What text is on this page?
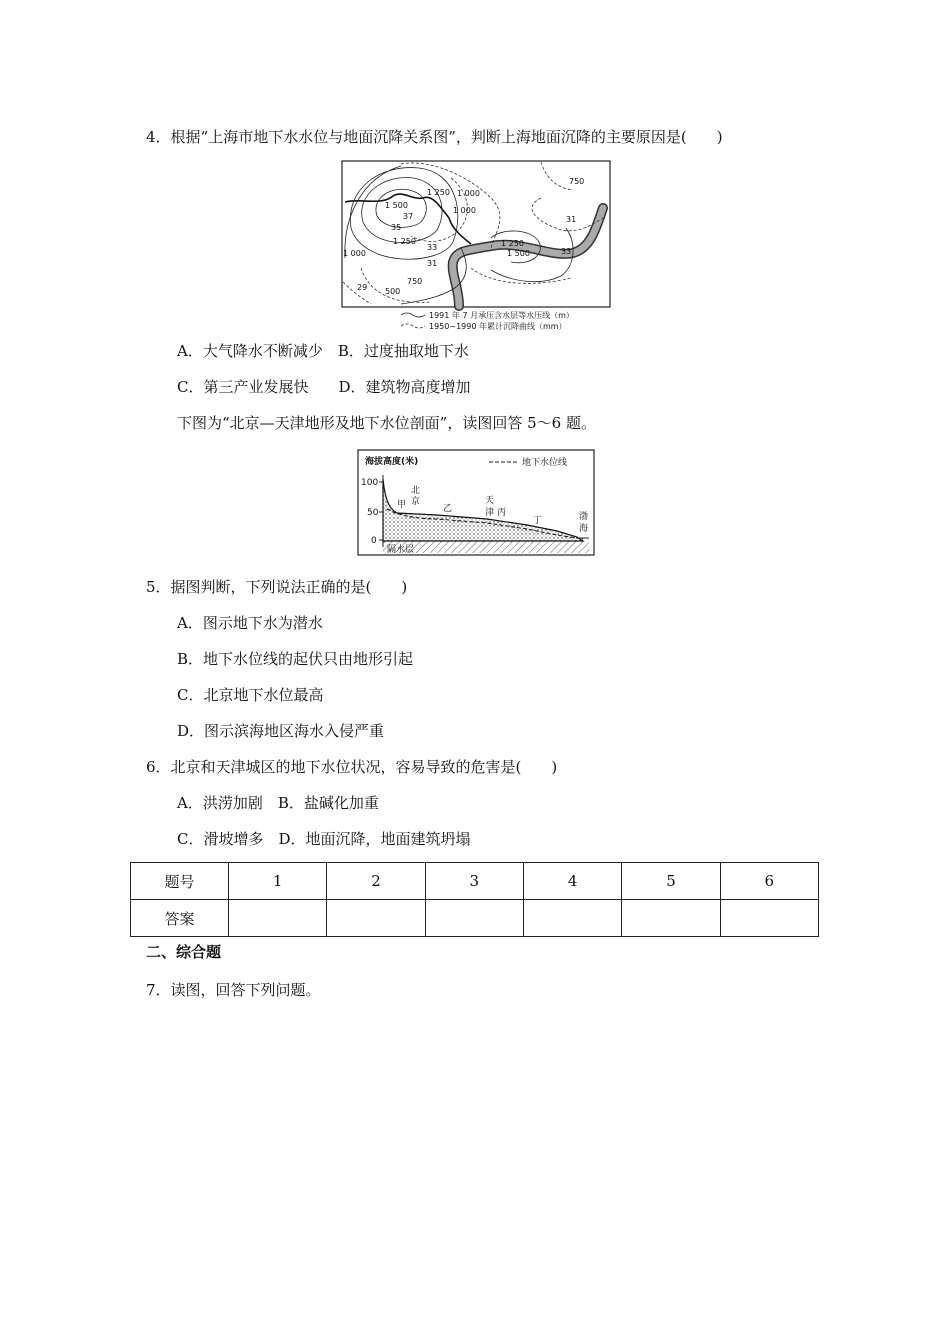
4．根据“上海市地下水水位与地面沉降关系图”，判断上海地面沉降的主要原因是(　　)
1 250 1 000
750
1 500
37
1 000
35
31
33
1 250	1 250
1 500	33
31
1 000
29 500
750
1991 年 7 月承压含水层等水压线（m）
1950~1990 年累计沉降曲线（mm）
A．大气降水不断减少　B．过度抽取地下水
C．第三产业发展快　　D．建筑物高度增加
下图为“北京—天津地形及地下水位剖面”，读图回答 5～6 题。
100
50
0
海拔高度(米)	地下水位线
隔水层
北
京
甲	乙
天
津 丙
丁	渤
海
5．据图判断，下列说法正确的是(　　)
A．图示地下水为潜水
B．地下水位线的起伏只由地形引起
C．北京地下水位最高
D．图示滨海地区海水入侵严重
6．北京和天津城区的地下水位状况，容易导致的危害是(　　)
A．洪涝加剧　B．盐碱化加重
C．滑坡增多　D．地面沉降，地面建筑坍塌
题号	1	2	3	4	5	6
答案						
二、综合题
7．读图，回答下列问题。
